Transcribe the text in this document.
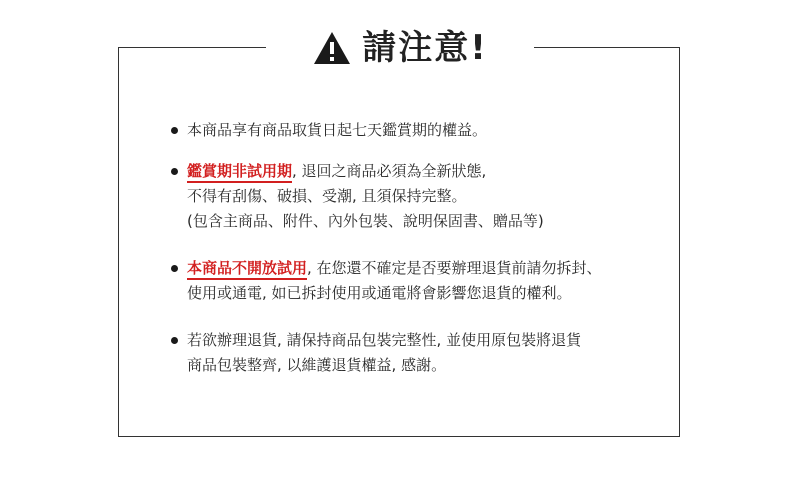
本商品享有商品取貨日起七天鑑賞期的權益。
鑑賞期非試用期, 退回之商品必須為全新狀態,
不得有刮傷、破損、受潮, 且須保持完整。
(包含主商品、附件、內外包裝、說明保固書、贈品等)
本商品不開放試用, 在您還不確定是否要辦理退貨前請勿拆封、
使用或通電, 如已拆封使用或通電將會影響您退貨的權利。
若欲辦理退貨, 請保持商品包裝完整性, 並使用原包裝將退貨
商品包裝整齊, 以維護退貨權益, 感謝。
請注意!
